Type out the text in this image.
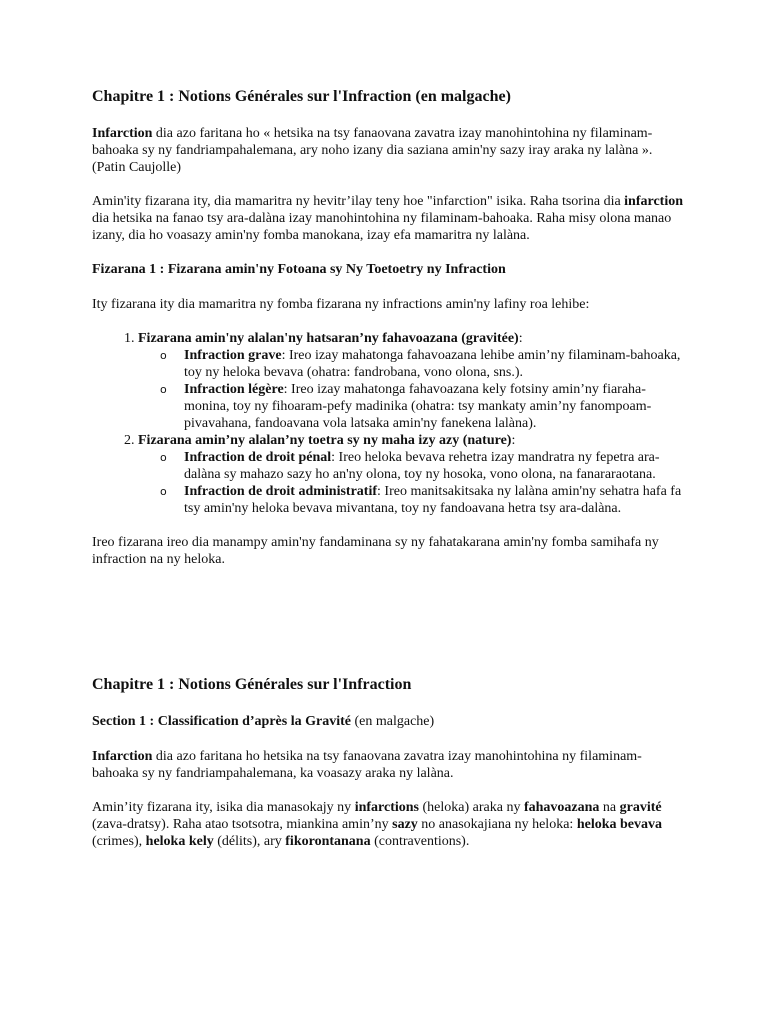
Chapitre 1 : Notions Générales sur l'Infraction (en malgache)

Infarction dia azo faritana ho « hetsika na tsy fanaovana zavatra izay manohintohina ny filaminam-bahoaka sy ny fandriampahalemana, ary noho izany dia saziana amin'ny sazy iray araka ny lalàna ». (Patin Caujolle)

Amin'ity fizarana ity, dia mamaritra ny hevitr’ilay teny hoe "infarction" isika. Raha tsorina dia infarction dia hetsika na fanao tsy ara-dalàna izay manohintohina ny filaminam-bahoaka. Raha misy olona manao izany, dia ho voasazy amin'ny fomba manokana, izay efa mamaritra ny lalàna.

Fizarana 1 : Fizarana amin'ny Fotoana sy Ny Toetoetry ny Infraction

Ity fizarana ity dia mamaritra ny fomba fizarana ny infractions amin'ny lafiny roa lehibe:

1. Fizarana amin'ny alalan'ny hatsaran’ny fahavoazana (gravitée):
o Infraction grave: Ireo izay mahatonga fahavoazana lehibe amin’ny filaminam-bahoaka, toy ny heloka bevava (ohatra: fandrobana, vono olona, sns.).
o Infraction légère: Ireo izay mahatonga fahavoazana kely fotsiny amin’ny fiaraha-monina, toy ny fihoaram-pefy madinika (ohatra: tsy mankaty amin’ny fanompoam-pivavahana, fandoavana vola latsaka amin'ny fanekena lalàna).
2. Fizarana amin’ny alalan’ny toetra sy ny maha izy azy (nature):
o Infraction de droit pénal: Ireo heloka bevava rehetra izay mandratra ny fepetra ara-dalàna sy mahazo sazy ho an'ny olona, toy ny hosoka, vono olona, na fanararaotana.
o Infraction de droit administratif: Ireo manitsakitsaka ny lalàna amin'ny sehatra hafa fa tsy amin'ny heloka bevava mivantana, toy ny fandoavana hetra tsy ara-dalàna.

Ireo fizarana ireo dia manampy amin'ny fandaminana sy ny fahatakarana amin'ny fomba samihafa ny infraction na ny heloka.

Chapitre 1 : Notions Générales sur l'Infraction
Section 1 : Classification d’après la Gravité (en malgache)

Infarction dia azo faritana ho hetsika na tsy fanaovana zavatra izay manohintohina ny filaminam-bahoaka sy ny fandriampahalemana, ka voasazy araka ny lalàna.

Amin’ity fizarana ity, isika dia manasokajy ny infarctions (heloka) araka ny fahavoazana na gravité (zava-dratsy). Raha atao tsotsotra, miankina amin’ny sazy no anasokajiana ny heloka: heloka bevava (crimes), heloka kely (délits), ary fikorontanana (contraventions).
